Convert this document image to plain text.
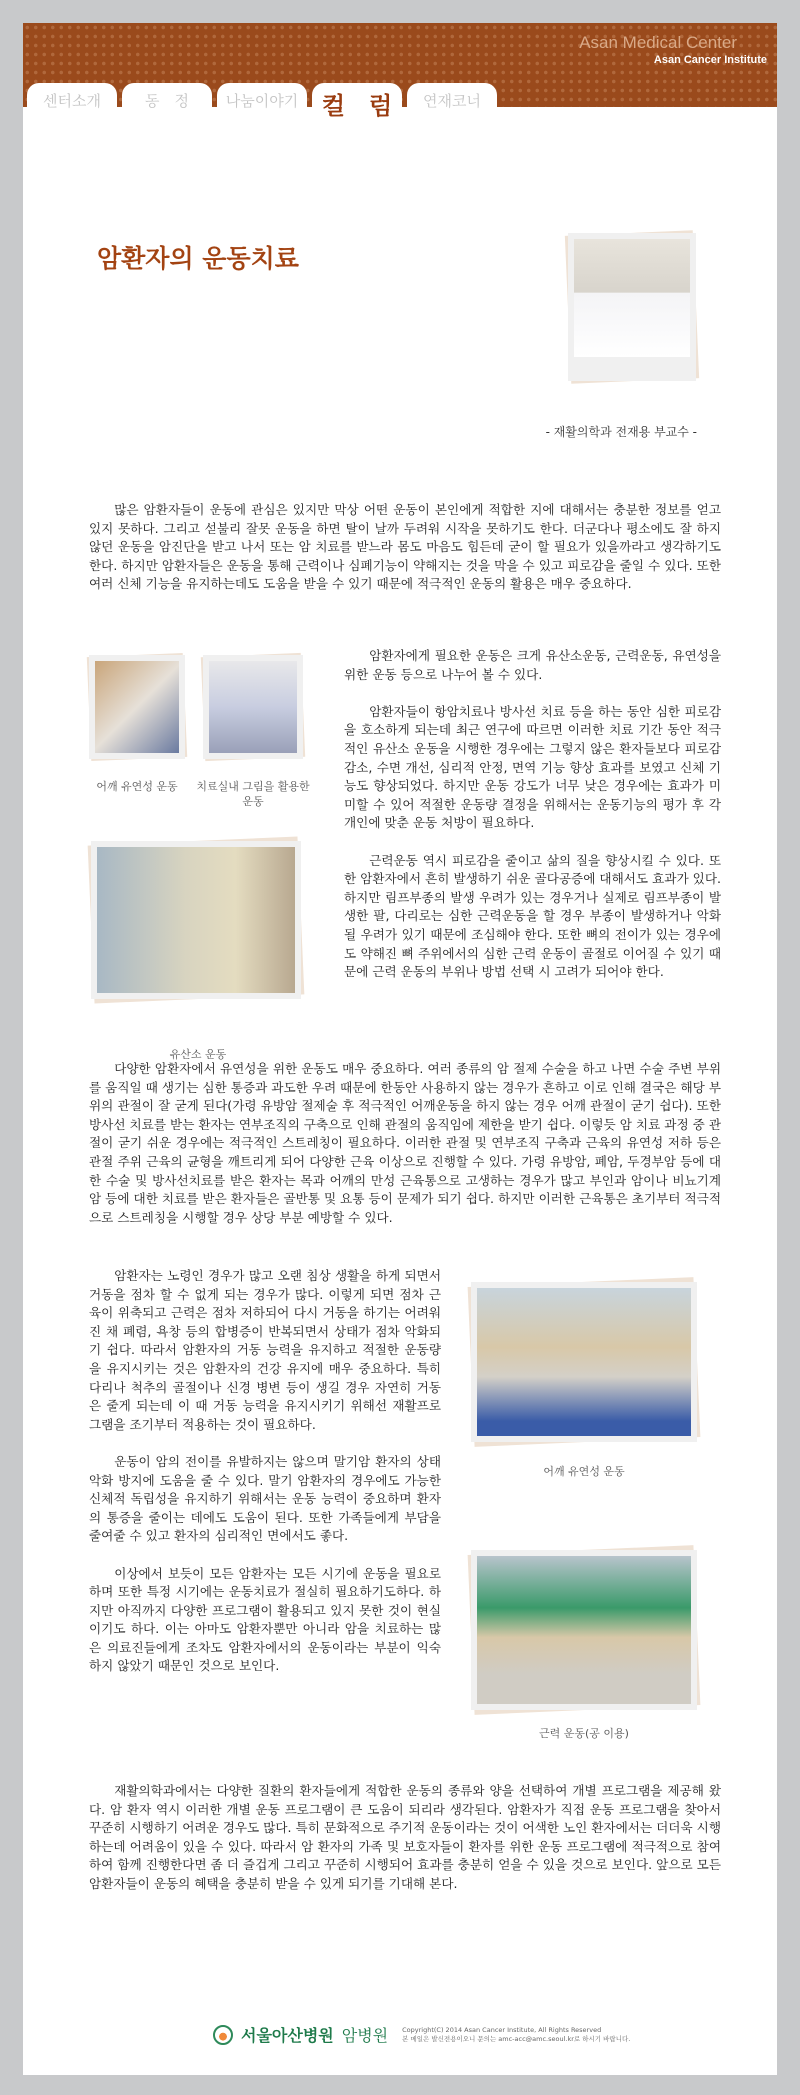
Asan Medical Center
Asan Cancer Institute
센터소개	동　정	나눔이야기 컬　럼	연재코너
암환자의 운동치료
- 재활의학과 전재용 부교수 -
많은 암환자들이 운동에 관심은 있지만 막상 어떤 운동이 본인에게 적합한 지에 대해서는 충분한 정보를 얻고 있지 못하다. 그리고 섣불리 잘못 운동을 하면 탈이 날까 두려워 시작을 못하기도 한다. 더군다나 평소에도 잘 하지 않던 운동을 암진단을 받고 나서 또는 암 치료를 받느라 몸도 마음도 힘든데 굳이 할 필요가 있을까라고 생각하기도 한다. 하지만 암환자들은 운동을 통해 근력이나 심폐기능이 약해지는 것을 막을 수 있고 피로감을 줄일 수 있다. 또한 여러 신체 기능을 유지하는데도 도움을 받을 수 있기 때문에 적극적인 운동의 활용은 매우 중요하다.
어깨 유연성 운동	치료실내 그림을 활용한 운동
유산소 운동

암환자에게 필요한 운동은 크게 유산소운동, 근력운동, 유연성을 위한 운동 등으로 나누어 볼 수 있다.

암환자들이 항암치료나 방사선 치료 등을 하는 동안 심한 피로감을 호소하게 되는데 최근 연구에 따르면 이러한 치료 기간 동안 적극적인 유산소 운동을 시행한 경우에는 그렇지 않은 환자들보다 피로감 감소, 수면 개선, 심리적 안정, 면역 기능 향상 효과를 보였고 신체 기능도 향상되었다. 하지만 운동 강도가 너무 낮은 경우에는 효과가 미미할 수 있어 적절한 운동량 결정을 위해서는 운동기능의 평가 후 각 개인에 맞춘 운동 처방이 필요하다.

근력운동 역시 피로감을 줄이고 삶의 질을 향상시킬 수 있다. 또한 암환자에서 흔히 발생하기 쉬운 골다공증에 대해서도 효과가 있다. 하지만 림프부종의 발생 우려가 있는 경우거나 실제로 림프부종이 발생한 팔, 다리로는 심한 근력운동을 할 경우 부종이 발생하거나 악화될 우려가 있기 때문에 조심해야 한다. 또한 뼈의 전이가 있는 경우에도 약해진 뼈 주위에서의 심한 근력 운동이 골절로 이어질 수 있기 때문에 근력 운동의 부위나 방법 선택 시 고려가 되어야 한다.

다양한 암환자에서 유연성을 위한 운동도 매우 중요하다. 여러 종류의 암 절제 수술을 하고 나면 수술 주변 부위를 움직일 때 생기는 심한 통증과 과도한 우려 때문에 한동안 사용하지 않는 경우가 흔하고 이로 인해 결국은 해당 부위의 관절이 잘 굳게 된다(가령 유방암 절제술 후 적극적인 어깨운동을 하지 않는 경우 어깨 관절이 굳기 쉽다). 또한 방사선 치료를 받는 환자는 연부조직의 구축으로 인해 관절의 움직임에 제한을 받기 쉽다. 이렇듯 암 치료 과정 중 관절이 굳기 쉬운 경우에는 적극적인 스트레칭이 필요하다. 이러한 관절 및 연부조직 구축과 근육의 유연성 저하 등은 관절 주위 근육의 균형을 깨트리게 되어 다양한 근육 이상으로 진행할 수 있다. 가령 유방암, 폐암, 두경부암 등에 대한 수술 및 방사선치료를 받은 환자는 목과 어깨의 만성 근육통으로 고생하는 경우가 많고 부인과 암이나 비뇨기계 암 등에 대한 치료를 받은 환자들은 골반통 및 요통 등이 문제가 되기 쉽다. 하지만 이러한 근육통은 초기부터 적극적으로 스트레칭을 시행할 경우 상당 부분 예방할 수 있다.

암환자는 노령인 경우가 많고 오랜 침상 생활을 하게 되면서 거동을 점차 할 수 없게 되는 경우가 많다. 이렇게 되면 점차 근육이 위축되고 근력은 점차 저하되어 다시 거동을 하기는 어려워진 채 폐렴, 욕창 등의 합병증이 반복되면서 상태가 점차 악화되기 쉽다. 따라서 암환자의 거동 능력을 유지하고 적절한 운동량을 유지시키는 것은 암환자의 건강 유지에 매우 중요하다. 특히 다리나 척추의 골절이나 신경 병변 등이 생길 경우 자연히 거동은 줄게 되는데 이 때 거동 능력을 유지시키기 위해선 재활프로그램을 조기부터 적용하는 것이 필요하다.

운동이 암의 전이를 유발하지는 않으며 말기암 환자의 상태 악화 방지에 도움을 줄 수 있다. 말기 암환자의 경우에도 가능한 신체적 독립성을 유지하기 위해서는 운동 능력이 중요하며 환자의 통증을 줄이는 데에도 도움이 된다. 또한 가족들에게 부담을 줄여줄 수 있고 환자의 심리적인 면에서도 좋다.

이상에서 보듯이 모든 암환자는 모든 시기에 운동을 필요로 하며 또한 특정 시기에는 운동치료가 절실히 필요하기도하다. 하지만 아직까지 다양한 프로그램이 활용되고 있지 못한 것이 현실이기도 하다. 이는 아마도 암환자뿐만 아니라 암을 치료하는 많은 의료진들에게 조차도 암환자에서의 운동이라는 부분이 익숙하지 않았기 때문인 것으로 보인다.

어깨 유연성 운동
근력 운동(공 이용)
재활의학과에서는 다양한 질환의 환자들에게 적합한 운동의 종류와 양을 선택하여 개별 프로그램을 제공해 왔다. 암 환자 역시 이러한 개별 운동 프로그램이 큰 도움이 되리라 생각된다. 암환자가 직접 운동 프로그램을 찾아서 꾸준히 시행하기 어려운 경우도 많다. 특히 문화적으로 주기적 운동이라는 것이 어색한 노인 환자에서는 더더욱 시행하는데 어려움이 있을 수 있다. 따라서 암 환자의 가족 및 보호자들이 환자를 위한 운동 프로그램에 적극적으로 참여하여 함께 진행한다면 좀 더 즐겁게 그리고 꾸준히 시행되어 효과를 충분히 얻을 수 있을 것으로 보인다. 앞으로 모든 암환자들이 운동의 혜택을 충분히 받을 수 있게 되기를 기대해 본다.
서울아산병원 암병원 Copyright(C) 2014 Asan Cancer Institute, All Rights Reserved
본 메일은 발신전용이오니 문의는 amc-acc@amc.seoul.kr로 하시기 바랍니다.
